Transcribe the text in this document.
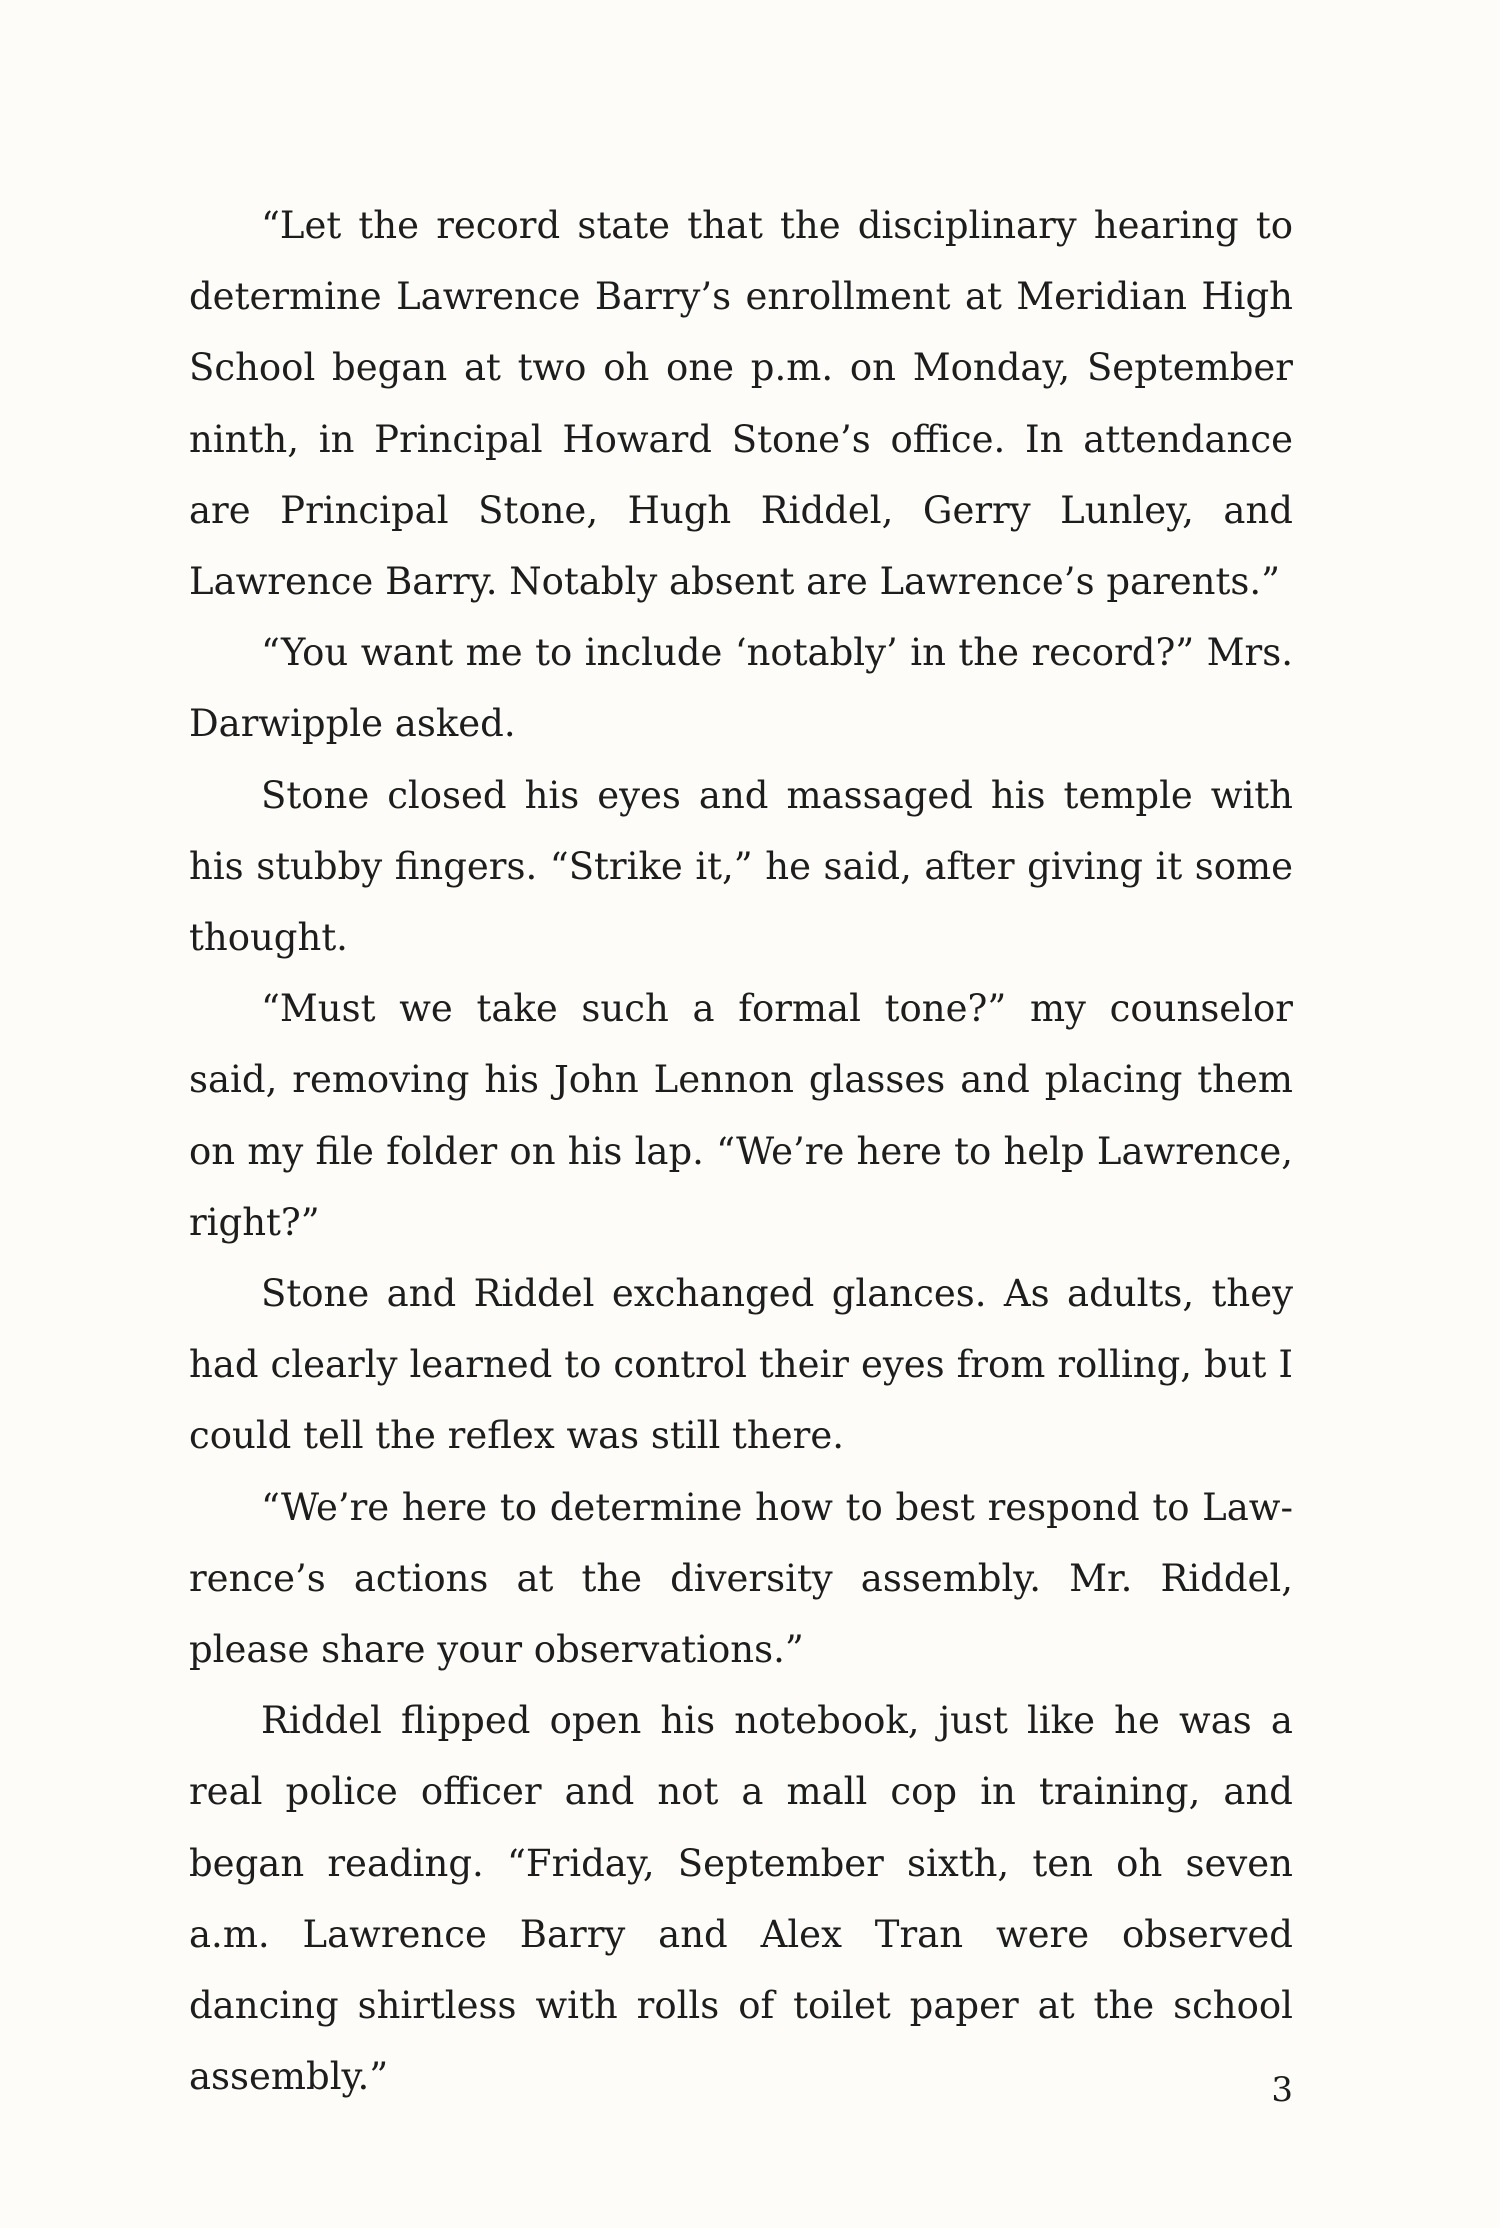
“Let the record state that the disciplinary hearing to determine Lawrence Barry’s enrollment at Meridian High School began at two oh one p.m. on Monday, September ninth, in Principal Howard Stone’s office. In attendance are Principal Stone, Hugh Riddel, Gerry Lunley, and Lawrence Barry. Notably absent are Lawrence’s parents.”

“You want me to include ‘notably’ in the record?” Mrs. Darwipple asked.

Stone closed his eyes and massaged his temple with his stubby fingers. “Strike it,” he said, after giving it some thought.

“Must we take such a formal tone?” my counselor said, removing his John Lennon glasses and placing them on my file folder on his lap. “We’re here to help Lawrence, right?”

Stone and Riddel exchanged glances. As adults, they had clearly learned to control their eyes from rolling, but I could tell the reflex was still there.

“We’re here to determine how to best respond to Lawrence’s actions at the diversity assembly. Mr. Riddel, please share your observations.”

Riddel flipped open his notebook, just like he was a real police officer and not a mall cop in training, and began reading. “Friday, September sixth, ten oh seven a.m. Lawrence Barry and Alex Tran were observed dancing shirtless with rolls of toilet paper at the school assembly.”	3
